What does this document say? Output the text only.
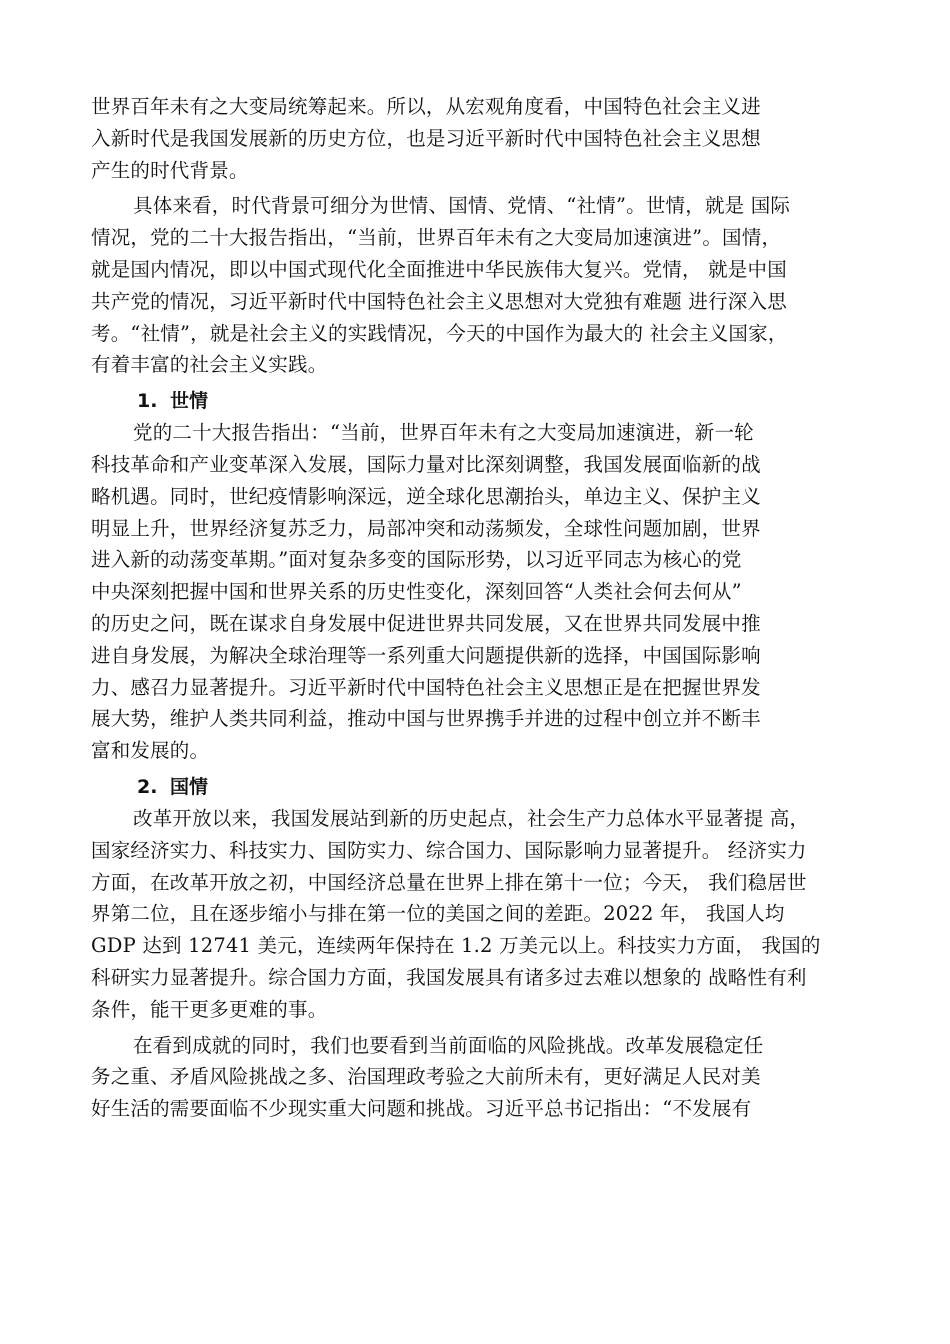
世界百年未有之大变局统筹起来。所以，从宏观角度看，中国特色社会主义进
入新时代是我国发展新的历史方位，也是习近平新时代中国特色社会主义思想
产生的时代背景。

具体来看，时代背景可细分为世情、国情、党情、“社情”。世情，就是 国际
情况，党的二十大报告指出，“当前，世界百年未有之大变局加速演进”。国情，
就是国内情况，即以中国式现代化全面推进中华民族伟大复兴。党情， 就是中国
共产党的情况，习近平新时代中国特色社会主义思想对大党独有难题 进行深入思
考。“社情”，就是社会主义的实践情况，今天的中国作为最大的 社会主义国家，
有着丰富的社会主义实践。

1. 世情

党的二十大报告指出：“当前，世界百年未有之大变局加速演进，新一轮
科技革命和产业变革深入发展，国际力量对比深刻调整，我国发展面临新的战
略机遇。同时，世纪疫情影响深远，逆全球化思潮抬头，单边主义、保护主义
明显上升，世界经济复苏乏力，局部冲突和动荡频发，全球性问题加剧，世界
进入新的动荡变革期。”面对复杂多变的国际形势，以习近平同志为核心的党
中央深刻把握中国和世界关系的历史性变化，深刻回答“人类社会何去何从”
的历史之问，既在谋求自身发展中促进世界共同发展，又在世界共同发展中推
进自身发展，为解决全球治理等一系列重大问题提供新的选择，中国国际影响
力、感召力显著提升。习近平新时代中国特色社会主义思想正是在把握世界发
展大势，维护人类共同利益，推动中国与世界携手并进的过程中创立并不断丰
富和发展的。

2. 国情

改革开放以来，我国发展站到新的历史起点，社会生产力总体水平显著提 高，
国家经济实力、科技实力、国防实力、综合国力、国际影响力显著提升。 经济实力
方面，在改革开放之初，中国经济总量在世界上排在第十一位；今天， 我们稳居世
界第二位，且在逐步缩小与排在第一位的美国之间的差距。2022 年， 我国人均
GDP 达到 12741 美元，连续两年保持在 1.2 万美元以上。科技实力方面， 我国的
科研实力显著提升。综合国力方面，我国发展具有诸多过去难以想象的 战略性有利
条件，能干更多更难的事。

在看到成就的同时，我们也要看到当前面临的风险挑战。改革发展稳定任
务之重、矛盾风险挑战之多、治国理政考验之大前所未有，更好满足人民对美
好生活的需要面临不少现实重大问题和挑战。习近平总书记指出：“不发展有
